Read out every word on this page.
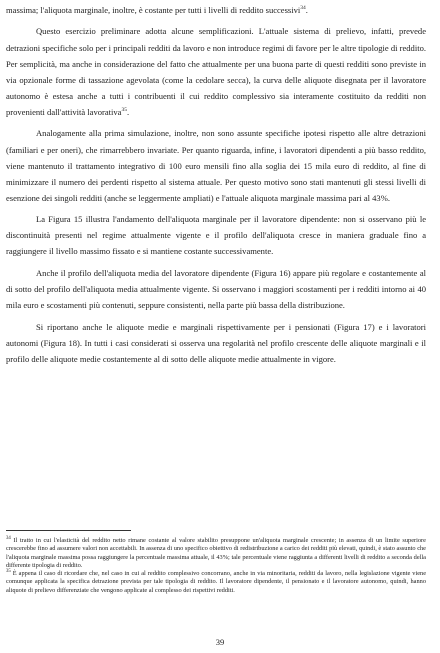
massima; l'aliquota marginale, inoltre, è costante per tutti i livelli di reddito successivi$^{34}$.

Questo esercizio preliminare adotta alcune semplificazioni. L'attuale sistema di prelievo, infatti, prevede detrazioni specifiche solo per i principali redditi da lavoro e non introduce regimi di favore per le altre tipologie di reddito. Per semplicità, ma anche in considerazione del fatto che attualmente per una buona parte di questi redditi sono previste in via opzionale forme di tassazione agevolata (come la cedolare secca), la curva delle aliquote disegnata per il lavoratore autonomo è estesa anche a tutti i contribuenti il cui reddito complessivo sia interamente costituito da redditi non provenienti dall'attività lavorativa$^{35}$.

Analogamente alla prima simulazione, inoltre, non sono assunte specifiche ipotesi rispetto alle altre detrazioni (familiari e per oneri), che rimarrebbero invariate. Per quanto riguarda, infine, i lavoratori dipendenti a più basso reddito, viene mantenuto il trattamento integrativo di 100 euro mensili fino alla soglia dei 15 mila euro di reddito, al fine di minimizzare il numero dei perdenti rispetto al sistema attuale. Per questo motivo sono stati mantenuti gli stessi livelli di esenzione dei singoli redditi (anche se leggermente ampliati) e l'attuale aliquota marginale massima pari al 43%.

La Figura 15 illustra l'andamento dell'aliquota marginale per il lavoratore dipendente: non si osservano più le discontinuità presenti nel regime attualmente vigente e il profilo dell'aliquota cresce in maniera graduale fino a raggiungere il livello massimo fissato e si mantiene costante successivamente.

Anche il profilo dell'aliquota media del lavoratore dipendente (Figura 16) appare più regolare e costantemente al di sotto del profilo dell'aliquota media attualmente vigente. Si osservano i maggiori scostamenti per i redditi intorno ai 40 mila euro e scostamenti più contenuti, seppure consistenti, nella parte più bassa della distribuzione.

Si riportano anche le aliquote medie e marginali rispettivamente per i pensionati (Figura 17) e i lavoratori autonomi (Figura 18). In tutti i casi considerati si osserva una regolarità nel profilo crescente delle aliquote marginali e il profilo delle aliquote medie costantemente al di sotto delle aliquote medie attualmente in vigore.

$^{34}$ Il tratto in cui l'elasticità del reddito netto rimane costante al valore stabilito presuppone un'aliquota marginale crescente; in assenza di un limite superiore crescerebbe fino ad assumere valori non accettabili. In assenza di uno specifico obiettivo di redistribuzione a carico dei redditi più elevati, quindi, è stato assunto che l'aliquota marginale massima possa raggiungere la percentuale massima attuale, il 43%; tale percentuale viene raggiunta a differenti livelli di reddito a seconda della differente tipologia di reddito.

$^{35}$ È appena il caso di ricordare che, nel caso in cui al reddito complessivo concorrano, anche in via minoritaria, redditi da lavoro, nella legislazione vigente viene comunque applicata la specifica detrazione prevista per tale tipologia di reddito. Il lavoratore dipendente, il pensionato e il lavoratore autonomo, quindi, hanno aliquote di prelievo differenziate che vengono applicate al complesso dei rispettivi redditi.

39
